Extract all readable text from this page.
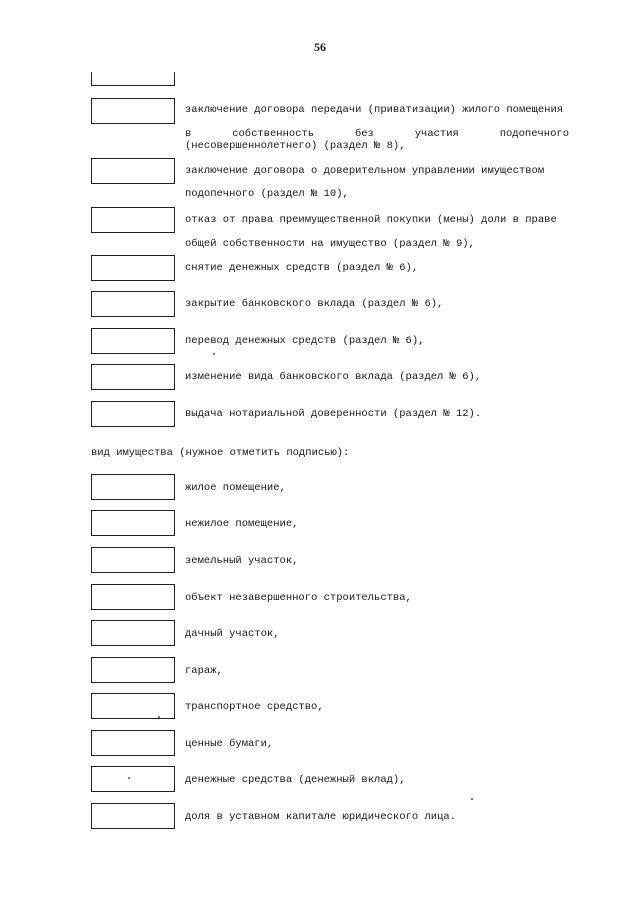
56
заключение договора передачи (приватизации) жилого помещения
в	собственность	без	участия	подопечного
(несовершеннолетнего) (раздел № 8),
заключение договора о доверительном управлении имуществом
подопечного (раздел № 10),
отказ от права преимущественной покупки (мены) доли в праве
общей собственности на имущество (раздел № 9),
снятие денежных средств (раздел № 6),
закрытие банковского вклада (раздел № 6),
перевод денежных средств (раздел № 6),
изменение вида банковского вклада (раздел № 6),
выдача нотариальной доверенности (раздел № 12).
вид имущества (нужное отметить подписью):
жилое помещение,
нежилое помещение,
земельный участок,
объект незавершенного строительства,
дачный участок,
гараж,
транспортное средство,
ценные бумаги,
денежные средства (денежный вклад),
доля в уставном капитале юридического лица.
